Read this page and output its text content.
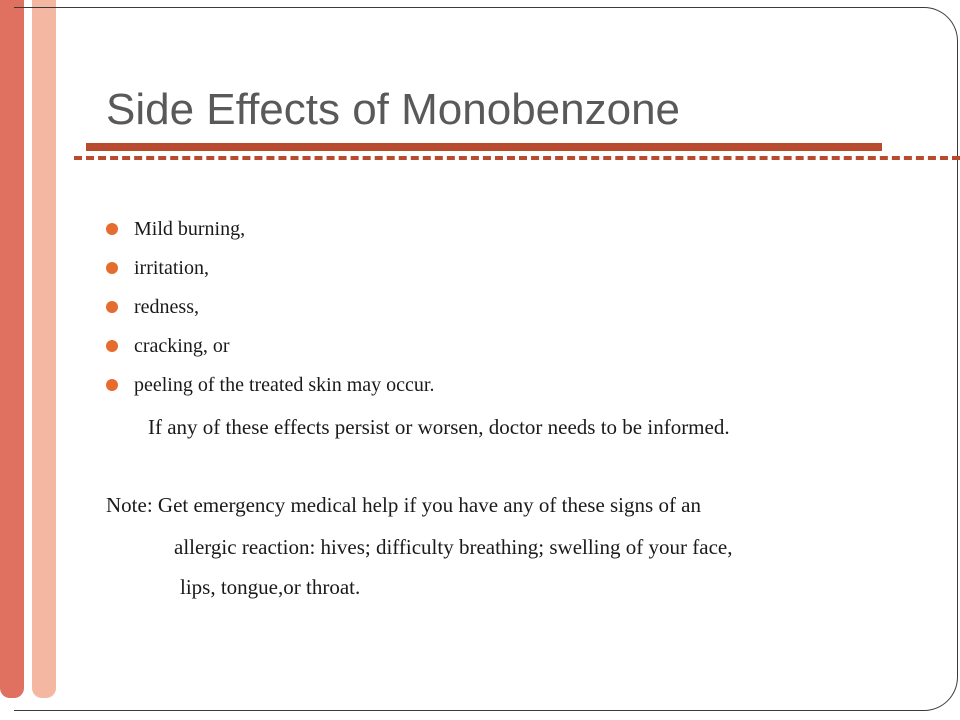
Side Effects of Monobenzone
Mild burning,
irritation,
redness,
cracking, or
peeling of the treated skin may occur.

If any of these effects persist or worsen, doctor needs to be informed.

Note: Get emergency medical help if you have any of these signs of an

allergic reaction: hives; difficulty breathing; swelling of your face,

lips, tongue,or throat.
